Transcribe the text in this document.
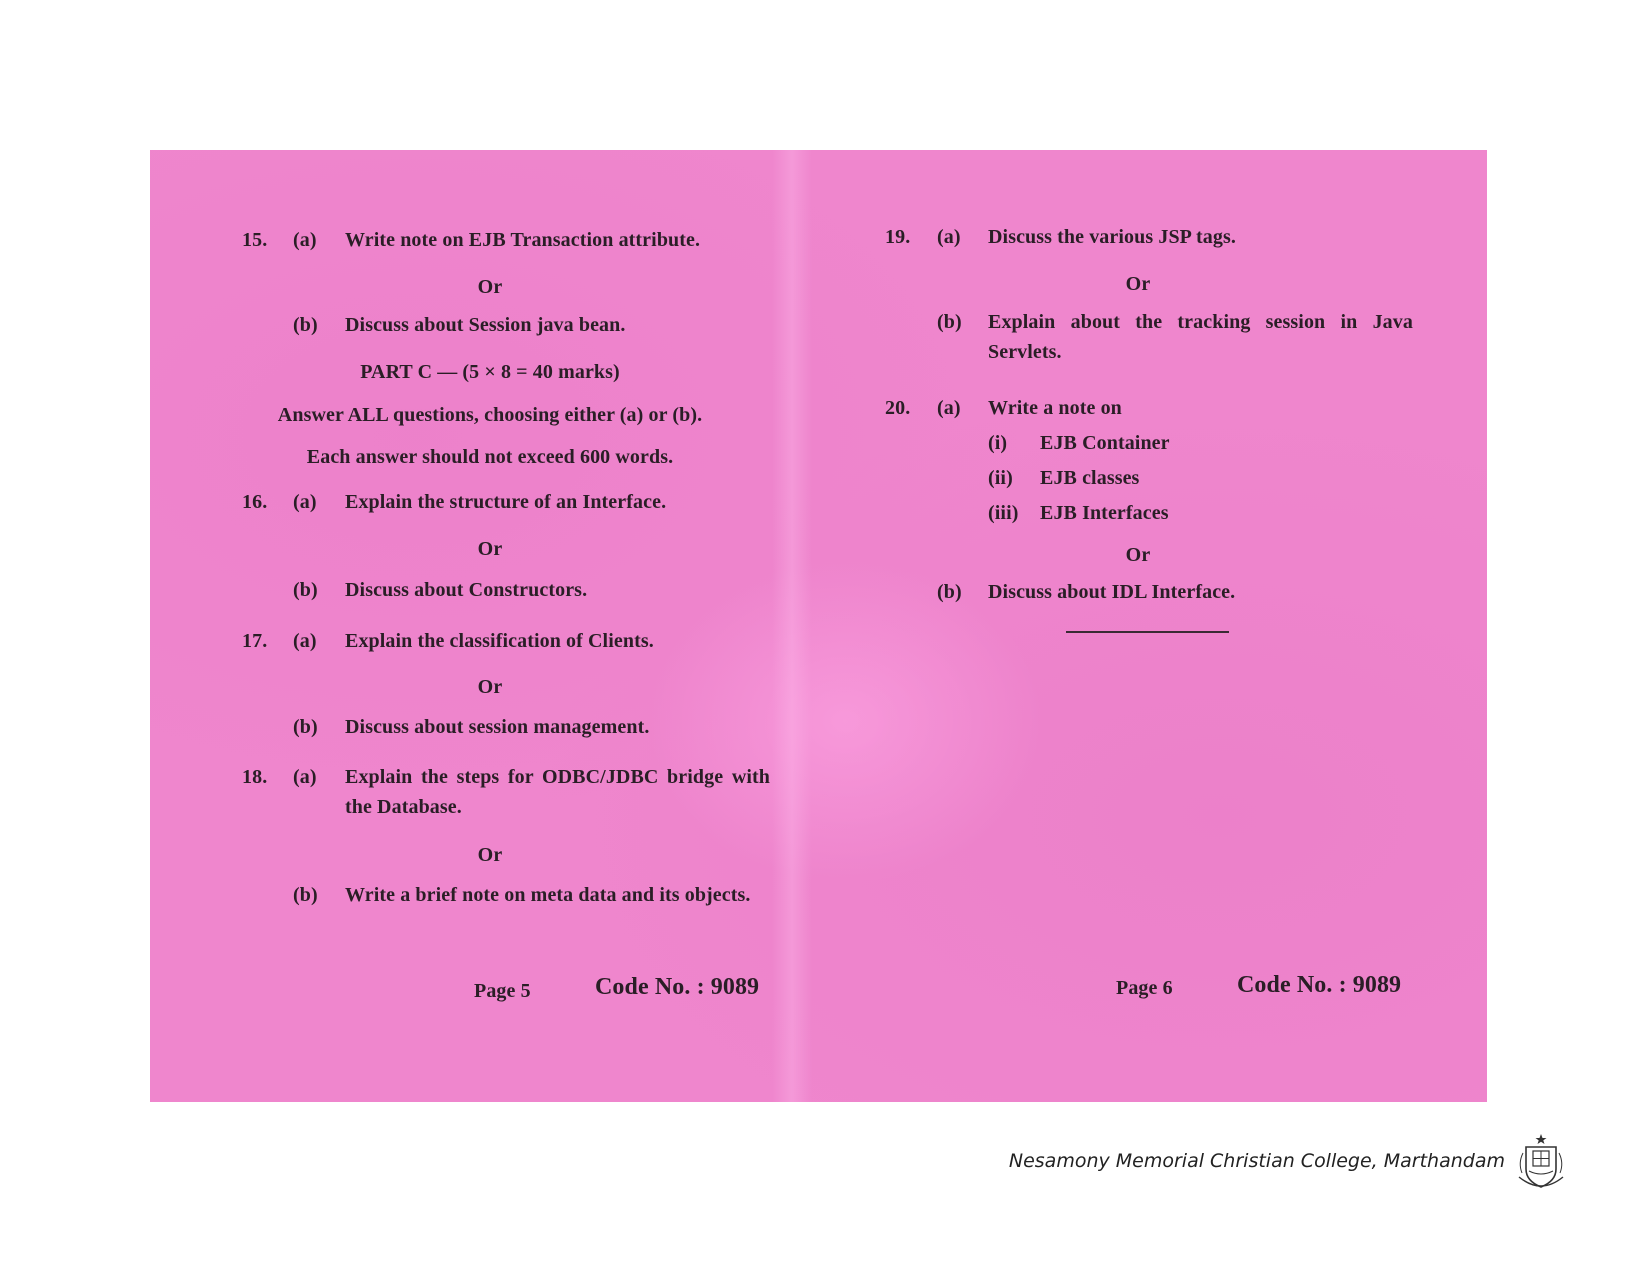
15. (a) Write note on EJB Transaction attribute.
Or
(b) Discuss about Session java bean.
PART C — (5 × 8 = 40 marks)
Answer ALL questions, choosing either (a) or (b).
Each answer should not exceed 600 words.
16. (a) Explain the structure of an Interface.
Or
(b) Discuss about Constructors.
17. (a) Explain the classification of Clients.
Or
(b) Discuss about session management.
18. (a) Explain the steps for ODBC/JDBC bridge with the Database.
Or
(b) Write a brief note on meta data and its objects.
Page 5	Code No. : 9089
19. (a) Discuss the various JSP tags.
Or
(b) Explain about the tracking session in Java Servlets.
20. (a) Write a note on
(i) EJB Container
(ii) EJB classes
(iii) EJB Interfaces
Or
(b) Discuss about IDL Interface.
Page 6	Code No. : 9089
Nesamony Memorial Christian College, Marthandam
